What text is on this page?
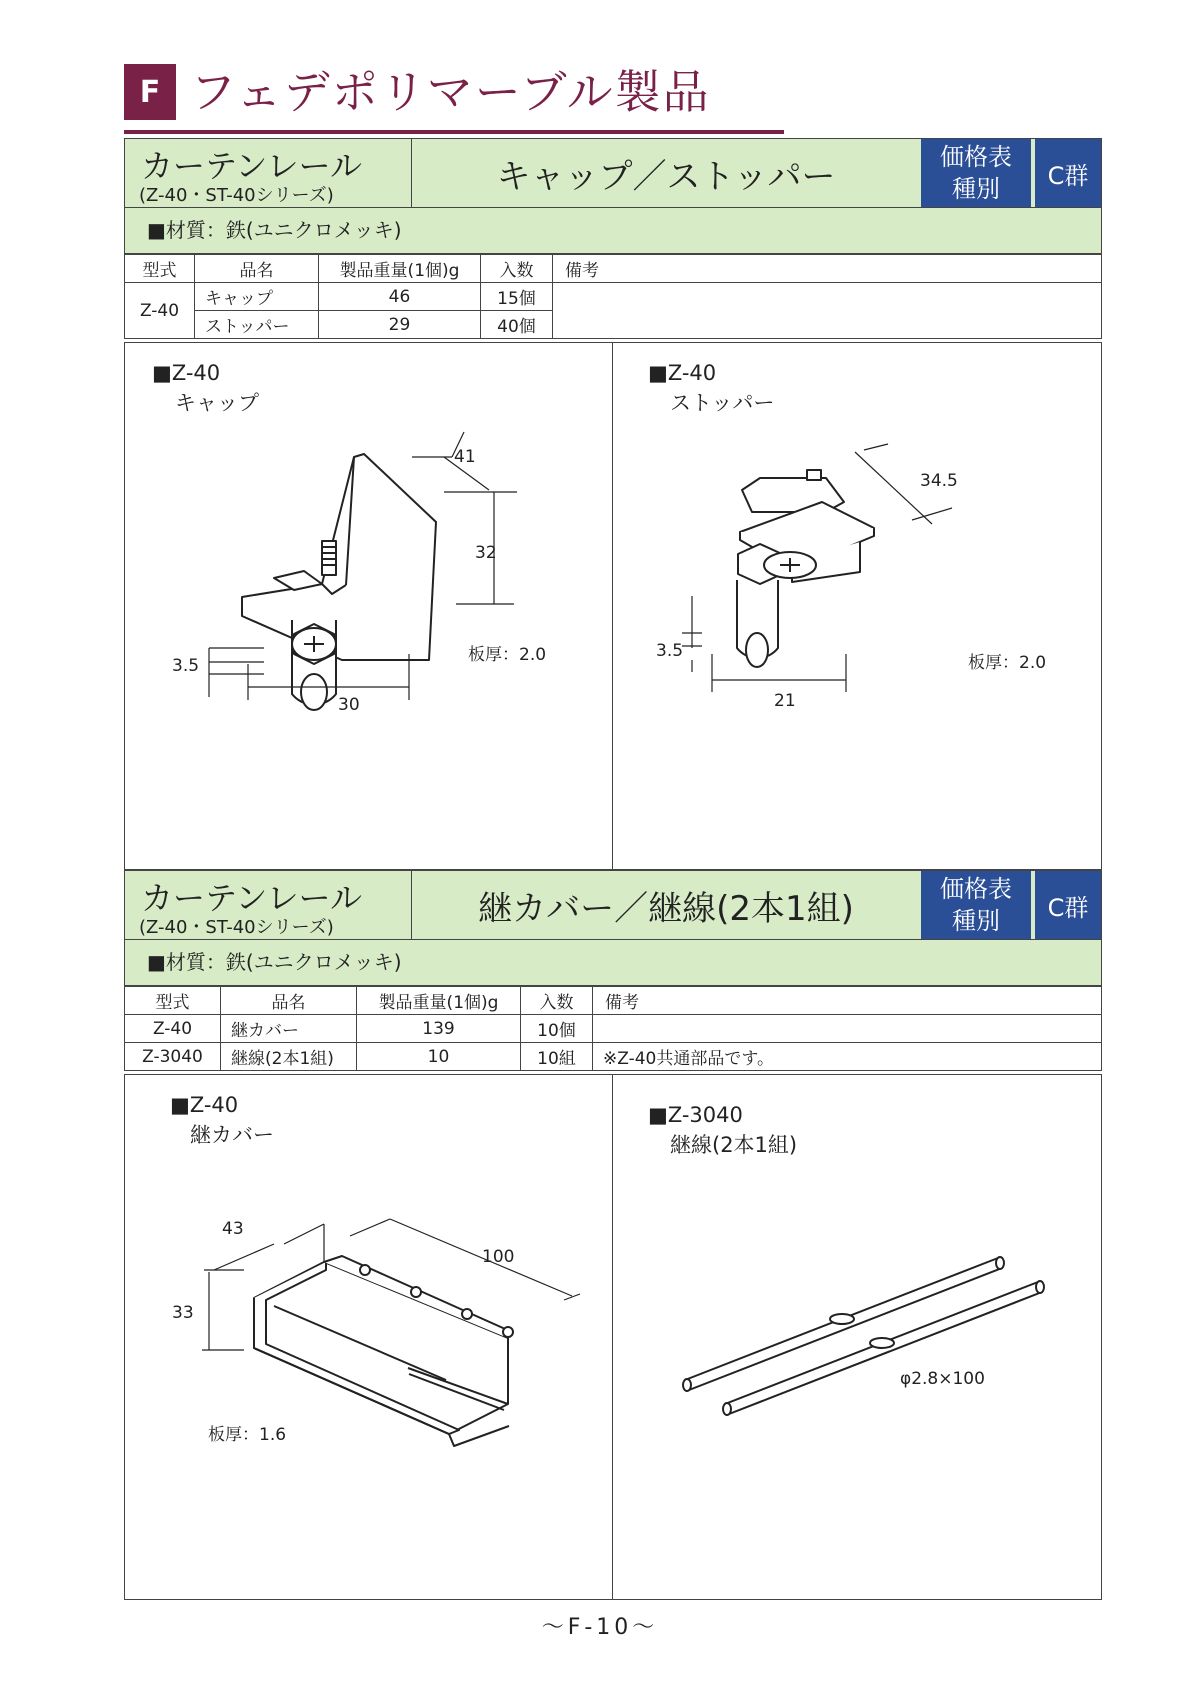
F フェデポリマーブル製品
カーテンレール
(Z-40・ST-40シリーズ)	キャップ／ストッパー	価格表
種別	C群
■材質：鉄(ユニクロメッキ)
型式	品名	製品重量(1個)g	入数	備考
Z-40	キャップ	46	15個	
	ストッパー	29	40個	
■Z-40
キャップ
■Z-40
ストッパー
41
32
3.5
30
板厚：2.0
34.5
3.5
21
板厚：2.0
カーテンレール
(Z-40・ST-40シリーズ)	継カバー／継線(2本1組)	価格表
種別	C群
■材質：鉄(ユニクロメッキ)
型式	品名	製品重量(1個)g	入数	備考
Z-40	継カバー	139	10個	
Z-3040	継線(2本1組)	10	10組	※Z-40共通部品です。
■Z-40
継カバー
■Z-3040
継線(2本1組)
43
100
33
板厚：1.6
φ2.8×100
～F-10～
